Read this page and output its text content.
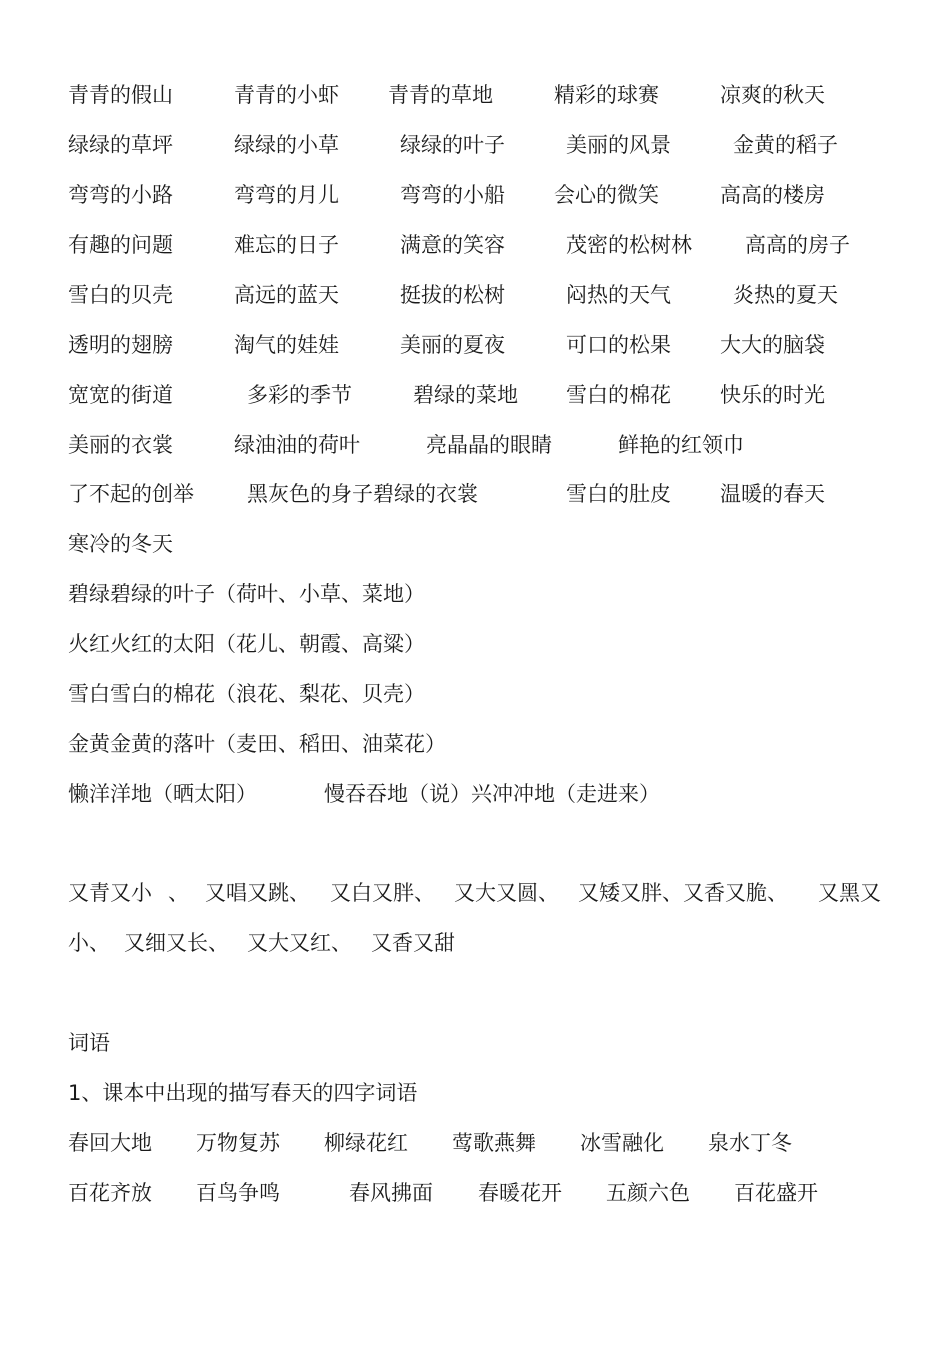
青青的假山	青青的小虾 青青的草地	精彩的球赛	凉爽的秋天
绿绿的草坪	绿绿的小草	绿绿的叶子	美丽的风景	金黄的稻子
弯弯的小路	弯弯的月儿	弯弯的小船 会心的微笑	高高的楼房
有趣的问题	难忘的日子	满意的笑容	茂密的松树林	高高的房子
雪白的贝壳	高远的蓝天	挺拔的松树	闷热的天气	炎热的夏天
透明的翅膀	淘气的娃娃	美丽的夏夜	可口的松果 大大的脑袋
宽宽的街道	多彩的季节	碧绿的菜地 雪白的棉花 快乐的时光
美丽的衣裳	绿油油的荷叶	亮晶晶的眼睛	鲜艳的红领巾
了不起的创举	黑灰色的身子碧绿的衣裳	雪白的肚皮 温暖的春天
寒冷的冬天
碧绿碧绿的叶子（荷叶、小草、菜地）
火红火红的太阳（花儿、朝霞、高粱）
雪白雪白的棉花（浪花、梨花、贝壳）
金黄金黄的落叶（麦田、稻田、油菜花）
懒洋洋地（晒太阳）	慢吞吞地（说）兴冲冲地（走进来）
又青又小 、 又唱又跳、 又白又胖、 又大又圆、 又矮又胖、又香又脆、 又黑又
小、 又细又长、 又大又红、 又香又甜
词语
1、课本中出现的描写春天的四字词语
春回大地 万物复苏 柳绿花红 莺歌燕舞 冰雪融化 泉水丁冬
百花齐放 百鸟争鸣	春风拂面 春暖花开 五颜六色 百花盛开
